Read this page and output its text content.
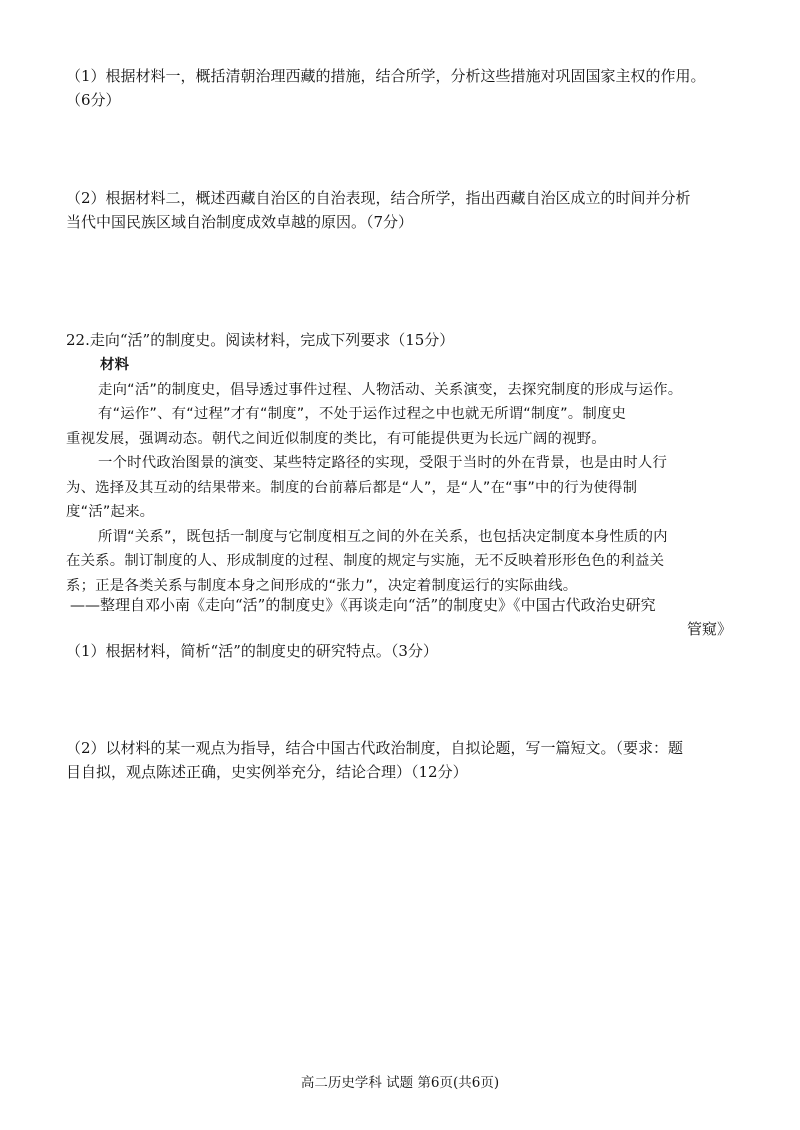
（1）根据材料一，概括清朝治理西藏的措施，结合所学，分析这些措施对巩固国家主权的作用。
（6分）
（2）根据材料二，概述西藏自治区的自治表现，结合所学，指出西藏自治区成立的时间并分析
当代中国民族区域自治制度成效卓越的原因。（7分）
22.走向“活”的制度史。阅读材料，完成下列要求（15分）
材料
走向“活”的制度史，倡导透过事件过程、人物活动、关系演变，去探究制度的形成与运作。
有“运作”、有“过程”才有“制度”，不处于运作过程之中也就无所谓“制度”。制度史
重视发展，强调动态。朝代之间近似制度的类比，有可能提供更为长远广阔的视野。
一个时代政治图景的演变、某些特定路径的实现，受限于当时的外在背景，也是由时人行
为、选择及其互动的结果带来。制度的台前幕后都是“人”，是“人”在“事”中的行为使得制
度“活”起来。
所谓“关系”，既包括一制度与它制度相互之间的外在关系，也包括决定制度本身性质的内
在关系。制订制度的人、形成制度的过程、制度的规定与实施，无不反映着形形色色的利益关
系；正是各类关系与制度本身之间形成的“张力”，决定着制度运行的实际曲线。
——整理自邓小南《走向“活”的制度史》《再谈走向“活”的制度史》《中国古代政治史研究
管窥》
（1）根据材料，简析“活”的制度史的研究特点。（3分）
（2）以材料的某一观点为指导，结合中国古代政治制度，自拟论题，写一篇短文。（要求：题
目自拟，观点陈述正确，史实例举充分，结论合理）（12分）
高二历史学科 试题 第6页(共6页)
